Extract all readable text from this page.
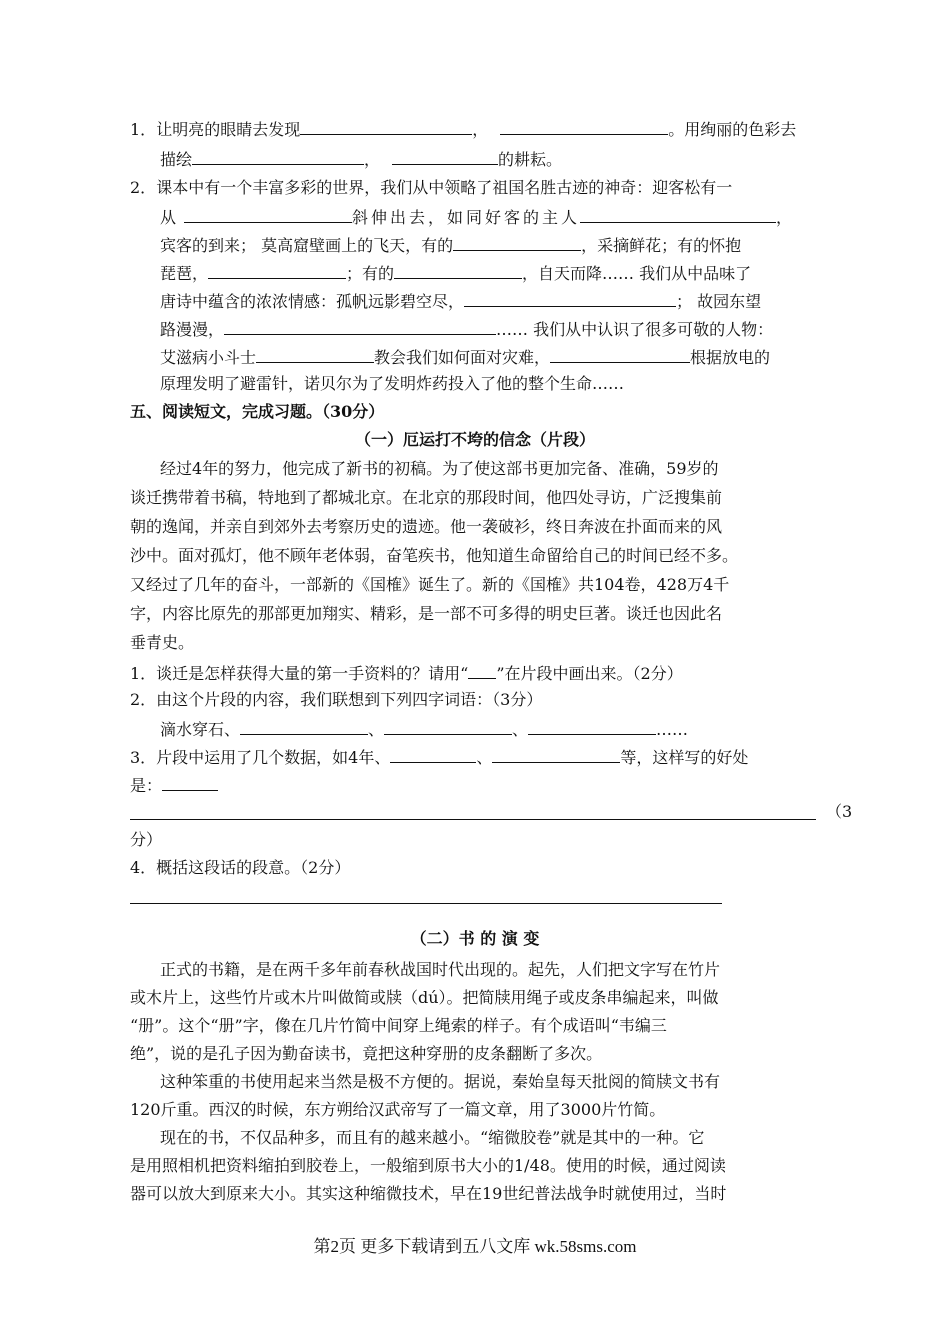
1．让明亮的眼睛去发现	，	。用绚丽的色彩去
描绘	，	的耕耘。
2．课本中有一个丰富多彩的世界，我们从中领略了祖国名胜古迹的神奇：迎客松有一
从	斜伸出去，如同好客的主人	，
宾客的到来； 莫高窟壁画上的飞天，有的	，采摘鲜花；有的怀抱
琵琶，	；有的	，自天而降…… 我们从中品味了
唐诗中蕴含的浓浓情感：孤帆远影碧空尽，	； 故园东望
路漫漫，	…… 我们从中认识了很多可敬的人物：
艾滋病小斗士	教会我们如何面对灾难，	根据放电的
原理发明了避雷针，诺贝尔为了发明炸药投入了他的整个生命……
五、阅读短文，完成习题。（30分）
（一）厄运打不垮的信念（片段）
经过4年的努力，他完成了新书的初稿。为了使这部书更加完备、准确，59岁的
谈迁携带着书稿，特地到了都城北京。在北京的那段时间，他四处寻访，广泛搜集前
朝的逸闻，并亲自到郊外去考察历史的遗迹。他一袭破衫，终日奔波在扑面而来的风
沙中。面对孤灯，他不顾年老体弱，奋笔疾书，他知道生命留给自己的时间已经不多。
又经过了几年的奋斗，一部新的《国榷》诞生了。新的《国榷》共104卷，428万4千
字，内容比原先的那部更加翔实、精彩，是一部不可多得的明史巨著。谈迁也因此名
垂青史。
1．谈迁是怎样获得大量的第一手资料的？请用“ ”在片段中画出来。（2分）
2．由这个片段的内容，我们联想到下列四字词语：（3分）
滴水穿石、	、	、	……
3．片段中运用了几个数据，如4年、	、	等，这样写的好处
是：
（3
分）
4．概括这段话的段意。（2分）
（二）书 的 演 变
正式的书籍，是在两千多年前春秋战国时代出现的。起先，人们把文字写在竹片
或木片上，这些竹片或木片叫做简或牍（dú）。把简牍用绳子或皮条串编起来，叫做
“册”。这个“册”字，像在几片竹简中间穿上绳索的样子。有个成语叫“韦编三
绝”，说的是孔子因为勤奋读书，竟把这种穿册的皮条翻断了多次。
这种笨重的书使用起来当然是极不方便的。据说，秦始皇每天批阅的简牍文书有
120斤重。西汉的时候，东方朔给汉武帝写了一篇文章，用了3000片竹简。
现在的书，不仅品种多，而且有的越来越小。“缩微胶卷”就是其中的一种。它
是用照相机把资料缩拍到胶卷上，一般缩到原书大小的1/48。使用的时候，通过阅读
器可以放大到原来大小。其实这种缩微技术，早在19世纪普法战争时就使用过，当时
第2页 更多下载请到五八文库 wk.58sms.com
